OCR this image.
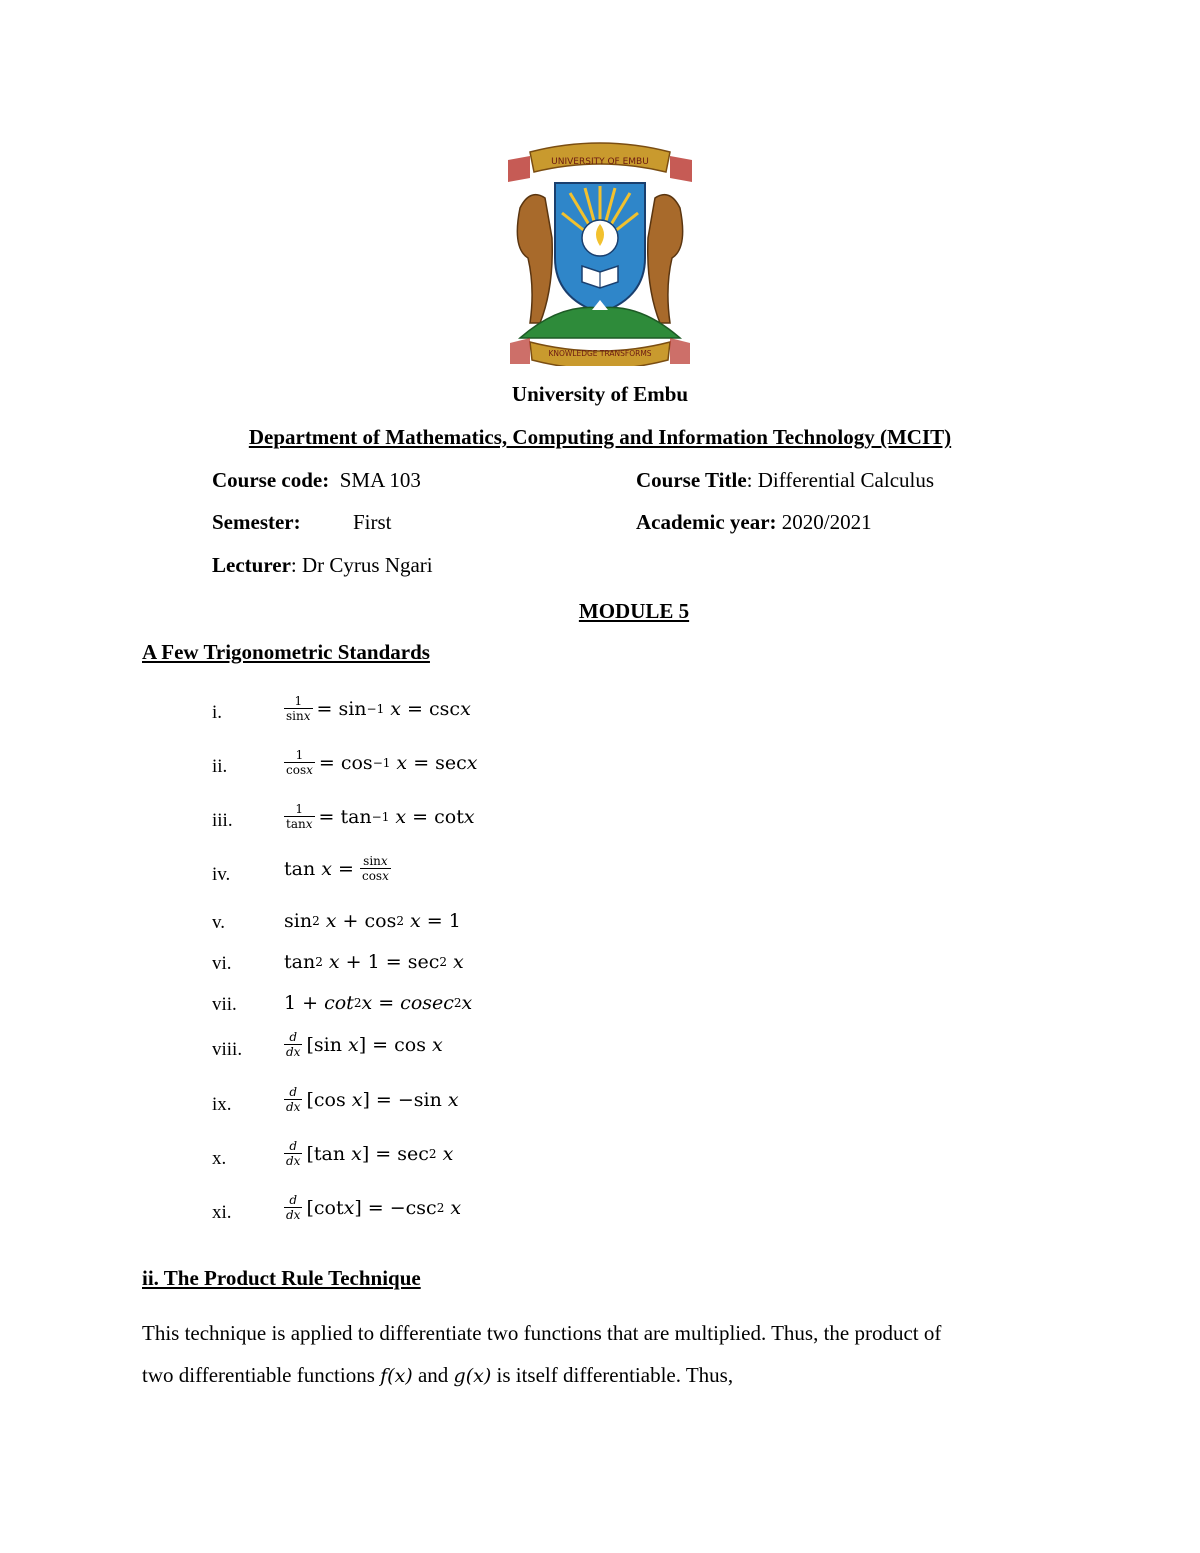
UNIVERSITY OF EMBU
KNOWLEDGE TRANSFORMS
University of Embu
Department of Mathematics, Computing and Information Technology (MCIT)
Course code: SMA 103	Course Title: Differential Calculus
Semester: First	Academic year: 2020/2021
Lecturer: Dr Cyrus Ngari
MODULE 5
A Few Trigonometric Standards
i.
ii.
iii.
iv.
v.
vi.
vii.
viii.
ix.
x.
xi.
$\frac{1}{\sin x} = \sin -1$ x = csc x
$\frac{1}{\cos x} = \cos -1$ x = sec x
$\frac{1}{\tan x} = \tan -1$ x = cot x
$\tan x = \frac{\sin x}{\cos x}$
sin 2 x + cos 2 x = 1
tan 2 x + 1 = sec 2 x
1 + cot 2 x = cosec 2 x
$\frac{d}{dx} [\sin$ x ] = cos x
$\frac{d}{dx} [\cos$ x ] = −sin x
$\frac{d}{dx} [\tan$ x ] = sec 2 x
$\frac{d}{dx} [\cot$ x ] = −csc 2 x
ii. The Product Rule Technique
This technique is applied to differentiate two functions that are multiplied. Thus, the product of
two differentiable functions f(x) and g(x) is itself differentiable. Thus,
